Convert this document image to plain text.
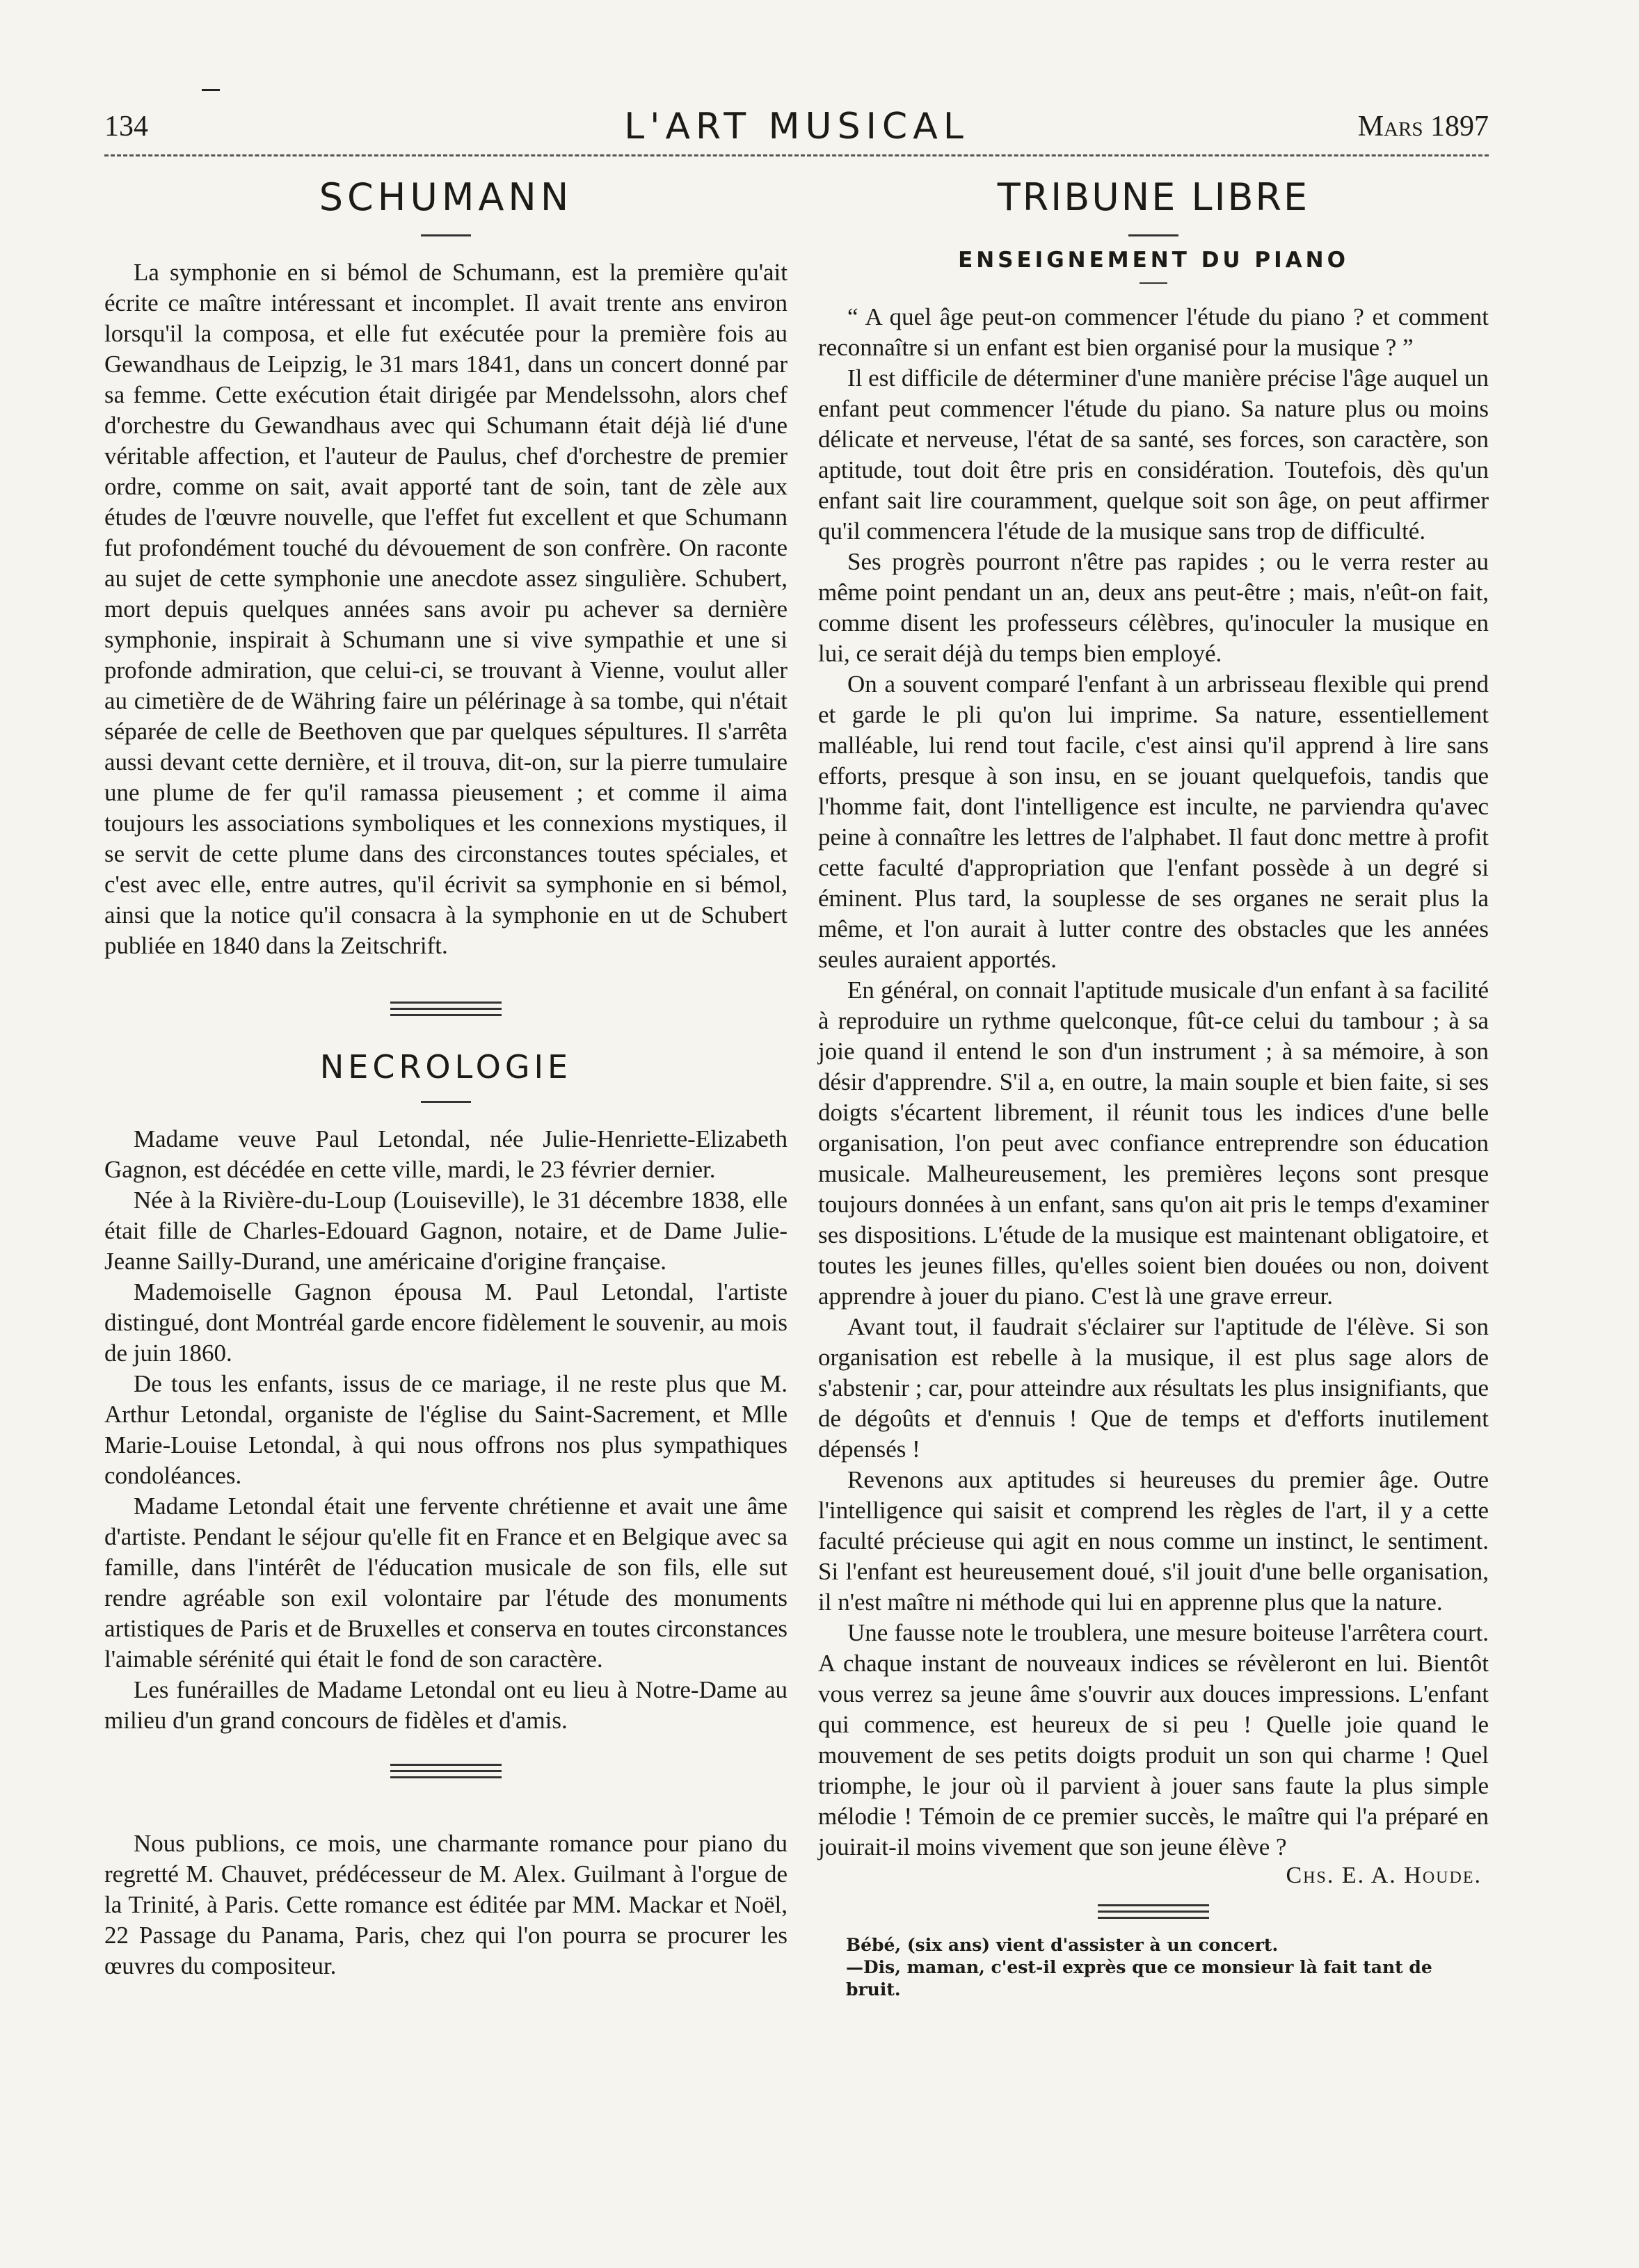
134	L'ART MUSICAL	Mars 1897
SCHUMANN

La symphonie en si bémol de Schumann, est la première qu'ait écrite ce maître intéressant et incomplet. Il avait trente ans environ lorsqu'il la composa, et elle fut exécutée pour la première fois au Gewandhaus de Leipzig, le 31 mars 1841, dans un concert donné par sa femme. Cette exécution était dirigée par Mendelssohn, alors chef d'orchestre du Gewandhaus avec qui Schumann était déjà lié d'une véritable affection, et l'auteur de Paulus, chef d'orchestre de premier ordre, comme on sait, avait apporté tant de soin, tant de zèle aux études de l'œuvre nouvelle, que l'effet fut excellent et que Schumann fut profondément touché du dévouement de son confrère. On raconte au sujet de cette symphonie une anecdote assez singulière. Schubert, mort depuis quelques années sans avoir pu achever sa dernière symphonie, inspirait à Schumann une si vive sympathie et une si profonde admiration, que celui-ci, se trouvant à Vienne, voulut aller au cimetière de de Währing faire un pélérinage à sa tombe, qui n'était séparée de celle de Beethoven que par quelques sépultures. Il s'arrêta aussi devant cette dernière, et il trouva, dit-on, sur la pierre tumulaire une plume de fer qu'il ramassa pieusement ; et comme il aima toujours les associations symboliques et les connexions mystiques, il se servit de cette plume dans des circonstances toutes spéciales, et c'est avec elle, entre autres, qu'il écrivit sa symphonie en si bémol, ainsi que la notice qu'il consacra à la symphonie en ut de Schubert publiée en 1840 dans la Zeitschrift.

NECROLOGIE

Madame veuve Paul Letondal, née Julie-Henriette-Elizabeth Gagnon, est décédée en cette ville, mardi, le 23 février dernier.

Née à la Rivière-du-Loup (Louiseville), le 31 décembre 1838, elle était fille de Charles-Edouard Gagnon, notaire, et de Dame Julie-Jeanne Sailly-Durand, une américaine d'origine française.

Mademoiselle Gagnon épousa M. Paul Letondal, l'artiste distingué, dont Montréal garde encore fidèlement le souvenir, au mois de juin 1860.

De tous les enfants, issus de ce mariage, il ne reste plus que M. Arthur Letondal, organiste de l'église du Saint-Sacrement, et Mlle Marie-Louise Letondal, à qui nous offrons nos plus sympathiques condoléances.

Madame Letondal était une fervente chrétienne et avait une âme d'artiste. Pendant le séjour qu'elle fit en France et en Belgique avec sa famille, dans l'intérêt de l'éducation musicale de son fils, elle sut rendre agréable son exil volontaire par l'étude des monuments artistiques de Paris et de Bruxelles et conserva en toutes circonstances l'aimable sérénité qui était le fond de son caractère.

Les funérailles de Madame Letondal ont eu lieu à Notre-Dame au milieu d'un grand concours de fidèles et d'amis.

Nous publions, ce mois, une charmante romance pour piano du regretté M. Chauvet, prédécesseur de M. Alex. Guilmant à l'orgue de la Trinité, à Paris. Cette romance est éditée par MM. Mackar et Noël, 22 Passage du Panama, Paris, chez qui l'on pourra se procurer les œuvres du compositeur.

TRIBUNE LIBRE
ENSEIGNEMENT DU PIANO

“ A quel âge peut-on commencer l'étude du piano ? et comment reconnaître si un enfant est bien organisé pour la musique ? ”

Il est difficile de déterminer d'une manière précise l'âge auquel un enfant peut commencer l'étude du piano. Sa nature plus ou moins délicate et nerveuse, l'état de sa santé, ses forces, son caractère, son aptitude, tout doit être pris en considération. Toutefois, dès qu'un enfant sait lire couramment, quelque soit son âge, on peut affirmer qu'il commencera l'étude de la musique sans trop de difficulté.

Ses progrès pourront n'être pas rapides ; ou le verra rester au même point pendant un an, deux ans peut-être ; mais, n'eût-on fait, comme disent les professeurs célèbres, qu'inoculer la musique en lui, ce serait déjà du temps bien employé.

On a souvent comparé l'enfant à un arbrisseau flexible qui prend et garde le pli qu'on lui imprime. Sa nature, essentiellement malléable, lui rend tout facile, c'est ainsi qu'il apprend à lire sans efforts, presque à son insu, en se jouant quelquefois, tandis que l'homme fait, dont l'intelligence est inculte, ne parviendra qu'avec peine à connaître les lettres de l'alphabet. Il faut donc mettre à profit cette faculté d'appropriation que l'enfant possède à un degré si éminent. Plus tard, la souplesse de ses organes ne serait plus la même, et l'on aurait à lutter contre des obstacles que les années seules auraient apportés.

En général, on connait l'aptitude musicale d'un enfant à sa facilité à reproduire un rythme quelconque, fût-ce celui du tambour ; à sa joie quand il entend le son d'un instrument ; à sa mémoire, à son désir d'apprendre. S'il a, en outre, la main souple et bien faite, si ses doigts s'écartent librement, il réunit tous les indices d'une belle organisation, l'on peut avec confiance entreprendre son éducation musicale. Malheureusement, les premières leçons sont presque toujours données à un enfant, sans qu'on ait pris le temps d'examiner ses dispositions. L'étude de la musique est maintenant obligatoire, et toutes les jeunes filles, qu'elles soient bien douées ou non, doivent apprendre à jouer du piano. C'est là une grave erreur.

Avant tout, il faudrait s'éclairer sur l'aptitude de l'élève. Si son organisation est rebelle à la musique, il est plus sage alors de s'abstenir ; car, pour atteindre aux résultats les plus insignifiants, que de dégoûts et d'ennuis ! Que de temps et d'efforts inutilement dépensés !

Revenons aux aptitudes si heureuses du premier âge. Outre l'intelligence qui saisit et comprend les règles de l'art, il y a cette faculté précieuse qui agit en nous comme un instinct, le sentiment. Si l'enfant est heureusement doué, s'il jouit d'une belle organisation, il n'est maître ni méthode qui lui en apprenne plus que la nature.

Une fausse note le troublera, une mesure boiteuse l'arrêtera court. A chaque instant de nouveaux indices se révèleront en lui. Bientôt vous verrez sa jeune âme s'ouvrir aux douces impressions. L'enfant qui commence, est heureux de si peu ! Quelle joie quand le mouvement de ses petits doigts produit un son qui charme ! Quel triomphe, le jour où il parvient à jouer sans faute la plus simple mélodie ! Témoin de ce premier succès, le maître qui l'a préparé en jouirait-il moins vivement que son jeune élève ?

Chs. E. A. Houde.

Bébé, (six ans) vient d'assister à un concert.
—Dis, maman, c'est-il exprès que ce monsieur là fait tant de bruit.
